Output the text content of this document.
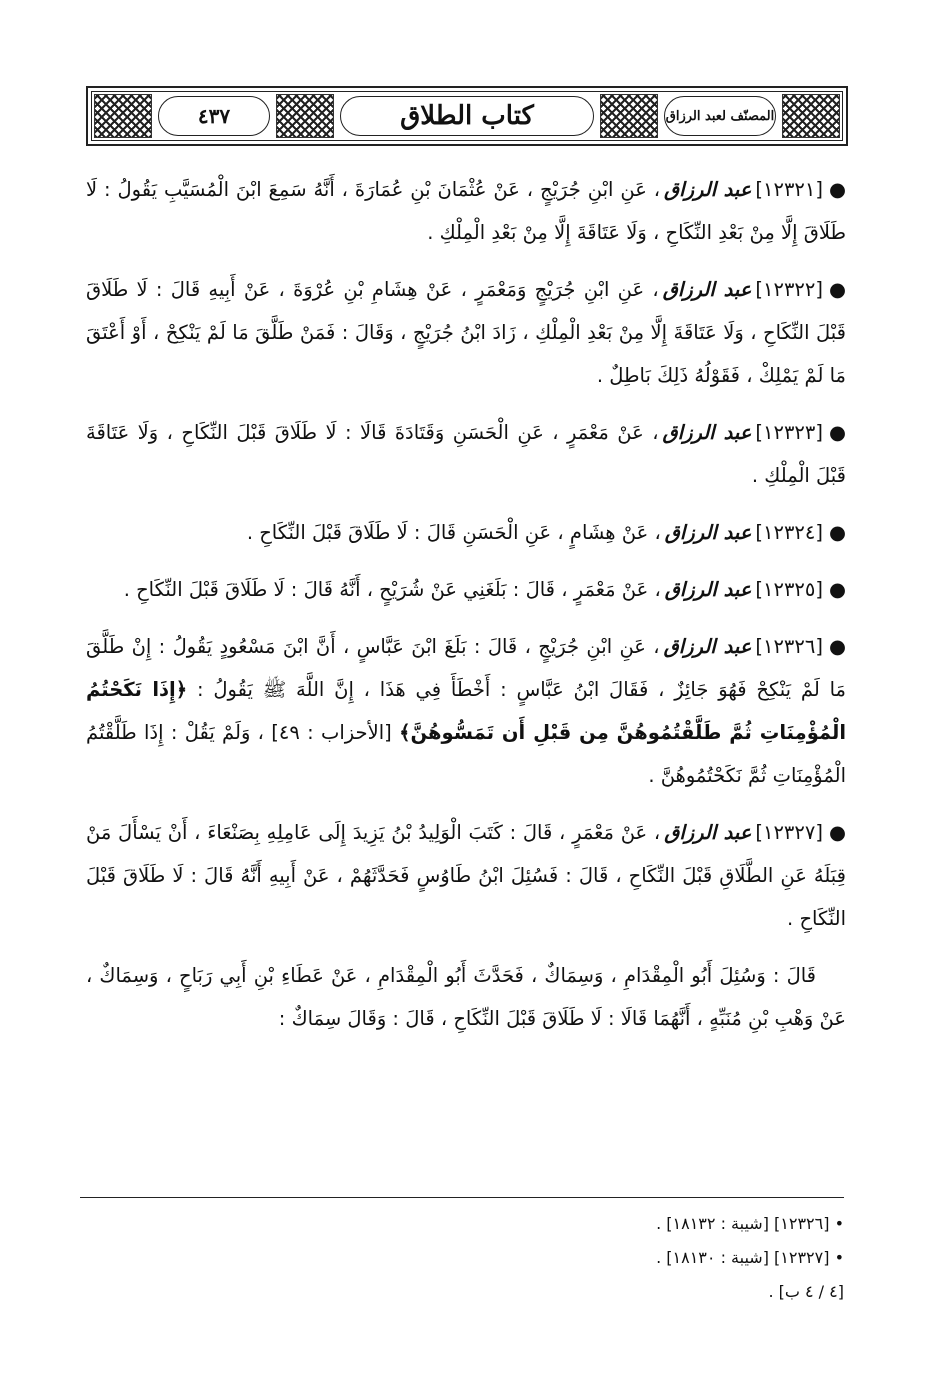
المصنّف لعبد الرزاق
كتاب الطلاق
٤٣٧

●[١٢٣٢١]عبد الرزاق، عَنِ ابْنِ جُرَيْجٍ ، عَنْ عُثْمَانَ بْنِ عُمَارَةَ ، أَنَّهُ سَمِعَ ابْنَ الْمُسَيَّبِ يَقُولُ : لَا طَلَاقَ إِلَّا مِنْ بَعْدِ النِّكَاحِ ، وَلَا عَتَاقَةَ إِلَّا مِنْ بَعْدِ الْمِلْكِ .

●[١٢٣٢٢]عبد الرزاق، عَنِ ابْنِ جُرَيْجٍ وَمَعْمَرٍ ، عَنْ هِشَامِ بْنِ عُرْوَةَ ، عَنْ أَبِيهِ قَالَ : لَا طَلَاقَ قَبْلَ النِّكَاحِ ، وَلَا عَتَاقَةَ إِلَّا مِنْ بَعْدِ الْمِلْكِ ، زَادَ ابْنُ جُرَيْجٍ ، وَقَالَ : فَمَنْ طَلَّقَ مَا لَمْ يَنْكِحْ ، أَوْ أَعْتَقَ مَا لَمْ يَمْلِكْ ، فَقَوْلُهُ ذَلِكَ بَاطِلٌ .

●[١٢٣٢٣]عبد الرزاق، عَنْ مَعْمَرٍ ، عَنِ الْحَسَنِ وَقَتَادَةَ قَالَا : لَا طَلَاقَ قَبْلَ النِّكَاحِ ، وَلَا عَتَاقَةَ قَبْلَ الْمِلْكِ .

●[١٢٣٢٤]عبد الرزاق، عَنْ هِشَامٍ ، عَنِ الْحَسَنِ قَالَ : لَا طَلَاقَ قَبْلَ النِّكَاحِ .

●[١٢٣٢٥]عبد الرزاق، عَنْ مَعْمَرٍ ، قَالَ : بَلَغَنِي عَنْ شُرَيْحٍ ، أَنَّهُ قَالَ : لَا طَلَاقَ قَبْلَ النِّكَاحِ .

●[١٢٣٢٦]عبد الرزاق، عَنِ ابْنِ جُرَيْجٍ ، قَالَ : بَلَغَ ابْنَ عَبَّاسٍ ، أَنَّ ابْنَ مَسْعُودٍ يَقُولُ : إِنْ طَلَّقَ مَا لَمْ يَنْكِحْ فَهُوَ جَائِزٌ ، فَقَالَ ابْنُ عَبَّاسٍ : أَخْطَأَ فِي هَذَا ، إِنَّ اللَّهَ ﷺ يَقُولُ : ﴿إِذَا نَكَحْتُمُ الْمُؤْمِنَاتِ ثُمَّ طَلَّقْتُمُوهُنَّ مِن قَبْلِ أَن تَمَسُّوهُنَّ﴾ [الأحزاب : ٤٩] ، وَلَمْ يَقُلْ : إِذَا طَلَّقْتُمُ الْمُؤْمِنَاتِ ثُمَّ نَكَحْتُمُوهُنَّ .

●[١٢٣٢٧]عبد الرزاق، عَنْ مَعْمَرٍ ، قَالَ : كَتَبَ الْوَلِيدُ بْنُ يَزِيدَ إِلَى عَامِلِهِ بِصَنْعَاءَ ، أَنْ يَسْأَلَ مَنْ قِبَلَهُ عَنِ الطَّلَاقِ قَبْلَ النِّكَاحِ ، قَالَ : فَسُئِلَ ابْنُ طَاوُسٍ فَحَدَّثَهُمْ ، عَنْ أَبِيهِ أَنَّهُ قَالَ : لَا طَلَاقَ قَبْلَ النِّكَاحِ .

قَالَ : وَسُئِلَ أَبُو الْمِقْدَامِ ، وَسِمَاكٌ ، فَحَدَّثَ أَبُو الْمِقْدَامِ ، عَنْ عَطَاءِ بْنِ أَبِي رَبَاحٍ ، وَسِمَاكٌ ، عَنْ وَهْبِ بْنِ مُنَبِّهٍ ، أَنَّهُمَا قَالَا : لَا طَلَاقَ قَبْلَ النِّكَاحِ ، قَالَ : وَقَالَ سِمَاكٌ :

• [١٢٣٢٦] [شيبة : ١٨١٣٢] .

• [١٢٣٢٧] [شيبة : ١٨١٣٠] .

[٤ / ٤ ب] .
